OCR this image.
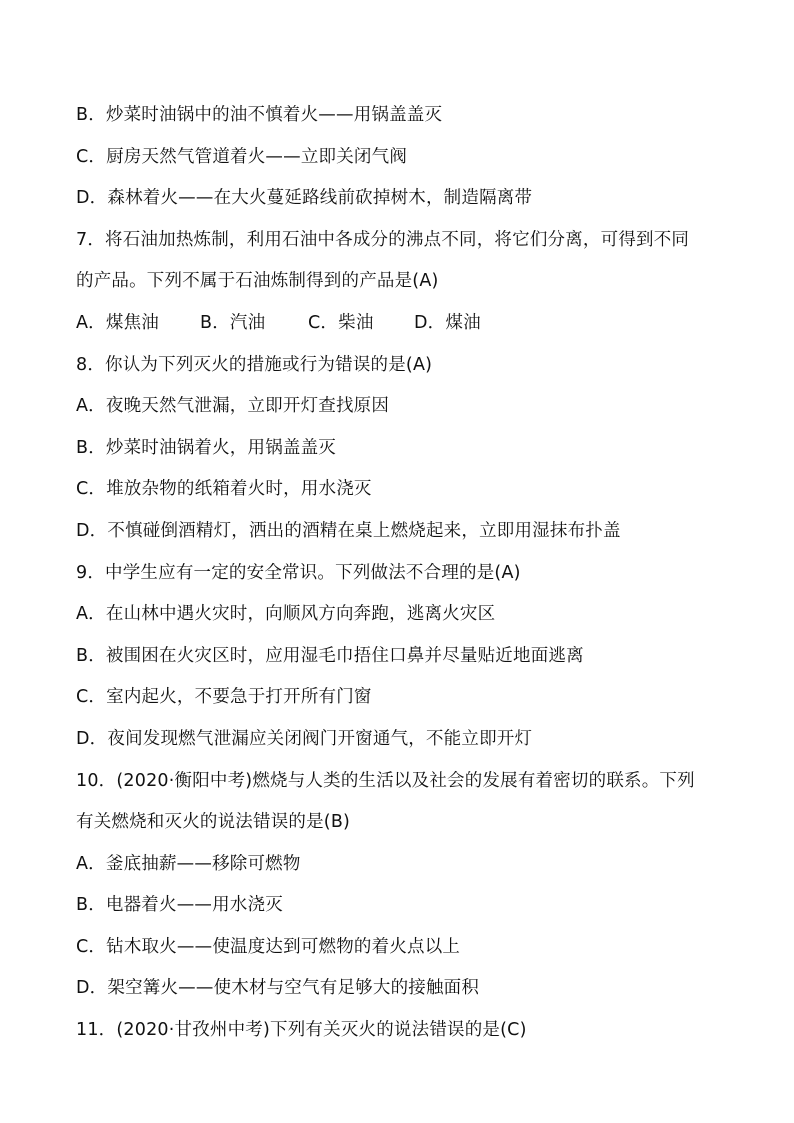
B．炒菜时油锅中的油不慎着火——用锅盖盖灭
C．厨房天然气管道着火——立即关闭气阀
D．森林着火——在大火蔓延路线前砍掉树木，制造隔离带
7．将石油加热炼制，利用石油中各成分的沸点不同，将它们分离，可得到不同
的产品。下列不属于石油炼制得到的产品是(A)
A．煤焦油	B．汽油	C．柴油	D．煤油
8．你认为下列灭火的措施或行为错误的是(A)
A．夜晚天然气泄漏，立即开灯查找原因
B．炒菜时油锅着火，用锅盖盖灭
C．堆放杂物的纸箱着火时，用水浇灭
D．不慎碰倒酒精灯，洒出的酒精在桌上燃烧起来，立即用湿抹布扑盖
9．中学生应有一定的安全常识。下列做法不合理的是(A)
A．在山林中遇火灾时，向顺风方向奔跑，逃离火灾区
B．被围困在火灾区时，应用湿毛巾捂住口鼻并尽量贴近地面逃离
C．室内起火，不要急于打开所有门窗
D．夜间发现燃气泄漏应关闭阀门开窗通气，不能立即开灯
10．(2020·衡阳中考)燃烧与人类的生活以及社会的发展有着密切的联系。下列
有关燃烧和灭火的说法错误的是(B)
A．釜底抽薪——移除可燃物
B．电器着火——用水浇灭
C．钻木取火——使温度达到可燃物的着火点以上
D．架空篝火——使木材与空气有足够大的接触面积
11．(2020·甘孜州中考)下列有关灭火的说法错误的是(C)
